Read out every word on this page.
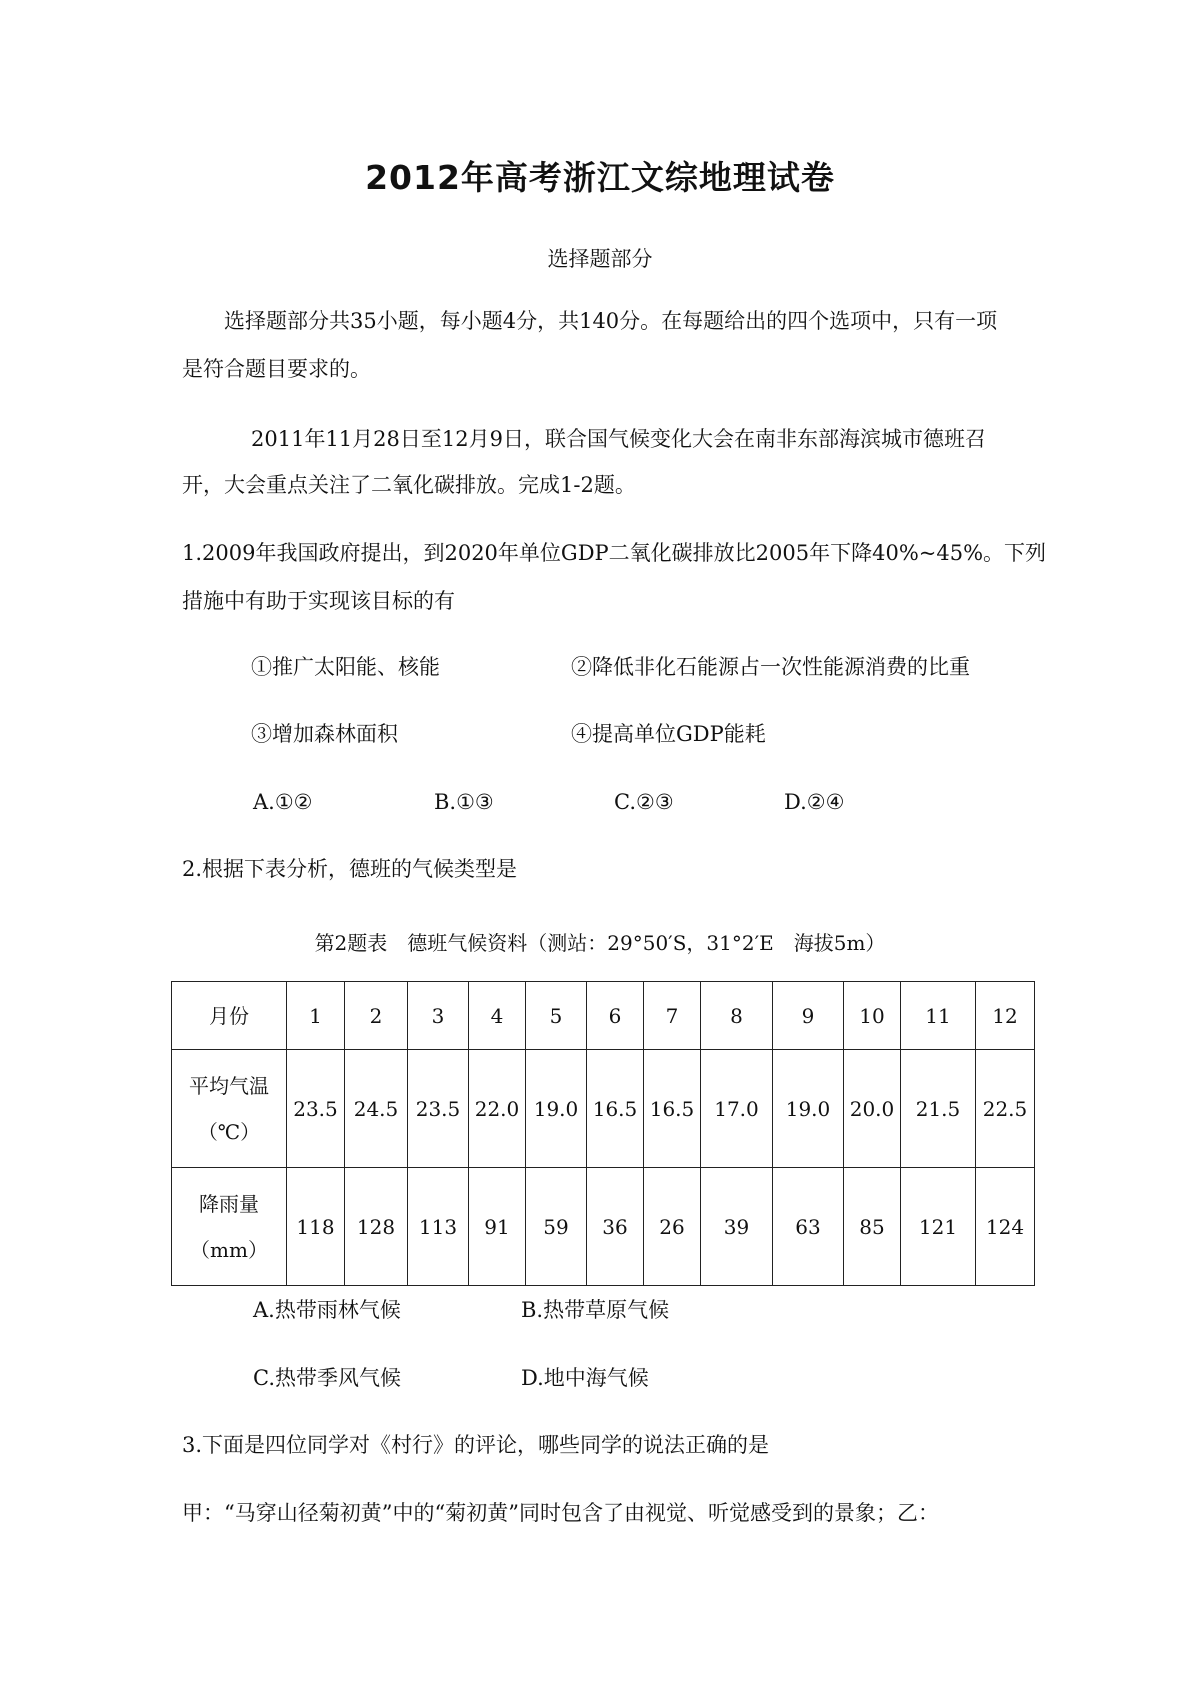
2012年高考浙江文综地理试卷
选择题部分
选择题部分共35小题，每小题4分，共140分。在每题给出的四个选项中，只有一项
是符合题目要求的。
2011年11月28日至12月9日，联合国气候变化大会在南非东部海滨城市德班召
开，大会重点关注了二氧化碳排放。完成1-2题。
1.2009年我国政府提出，到2020年单位GDP二氧化碳排放比2005年下降40%~45%。下列
措施中有助于实现该目标的有
①推广太阳能、核能	②降低非化石能源占一次性能源消费的比重
③增加森林面积	④提高单位GDP能耗
A.①②	B.①③	C.②③	D.②④
2.根据下表分析，德班的气候类型是
第2题表　德班气候资料（测站：29°50′S，31°2′E　海拔5m）
月份	1	2	3	4	5	6	7	8	9	10	11	12

平均气温
（℃）	23.5	24.5	23.5	22.0	19.0	16.5	16.5	17.0	19.0	20.0	21.5	22.5

降雨量
（mm）	118	128	113	91	59	36	26	39	63	85	121	124
A.热带雨林气候	B.热带草原气候
C.热带季风气候	D.地中海气候
3.下面是四位同学对《村行》的评论，哪些同学的说法正确的是
甲：“马穿山径菊初黄”中的“菊初黄”同时包含了由视觉、听觉感受到的景象；乙：
